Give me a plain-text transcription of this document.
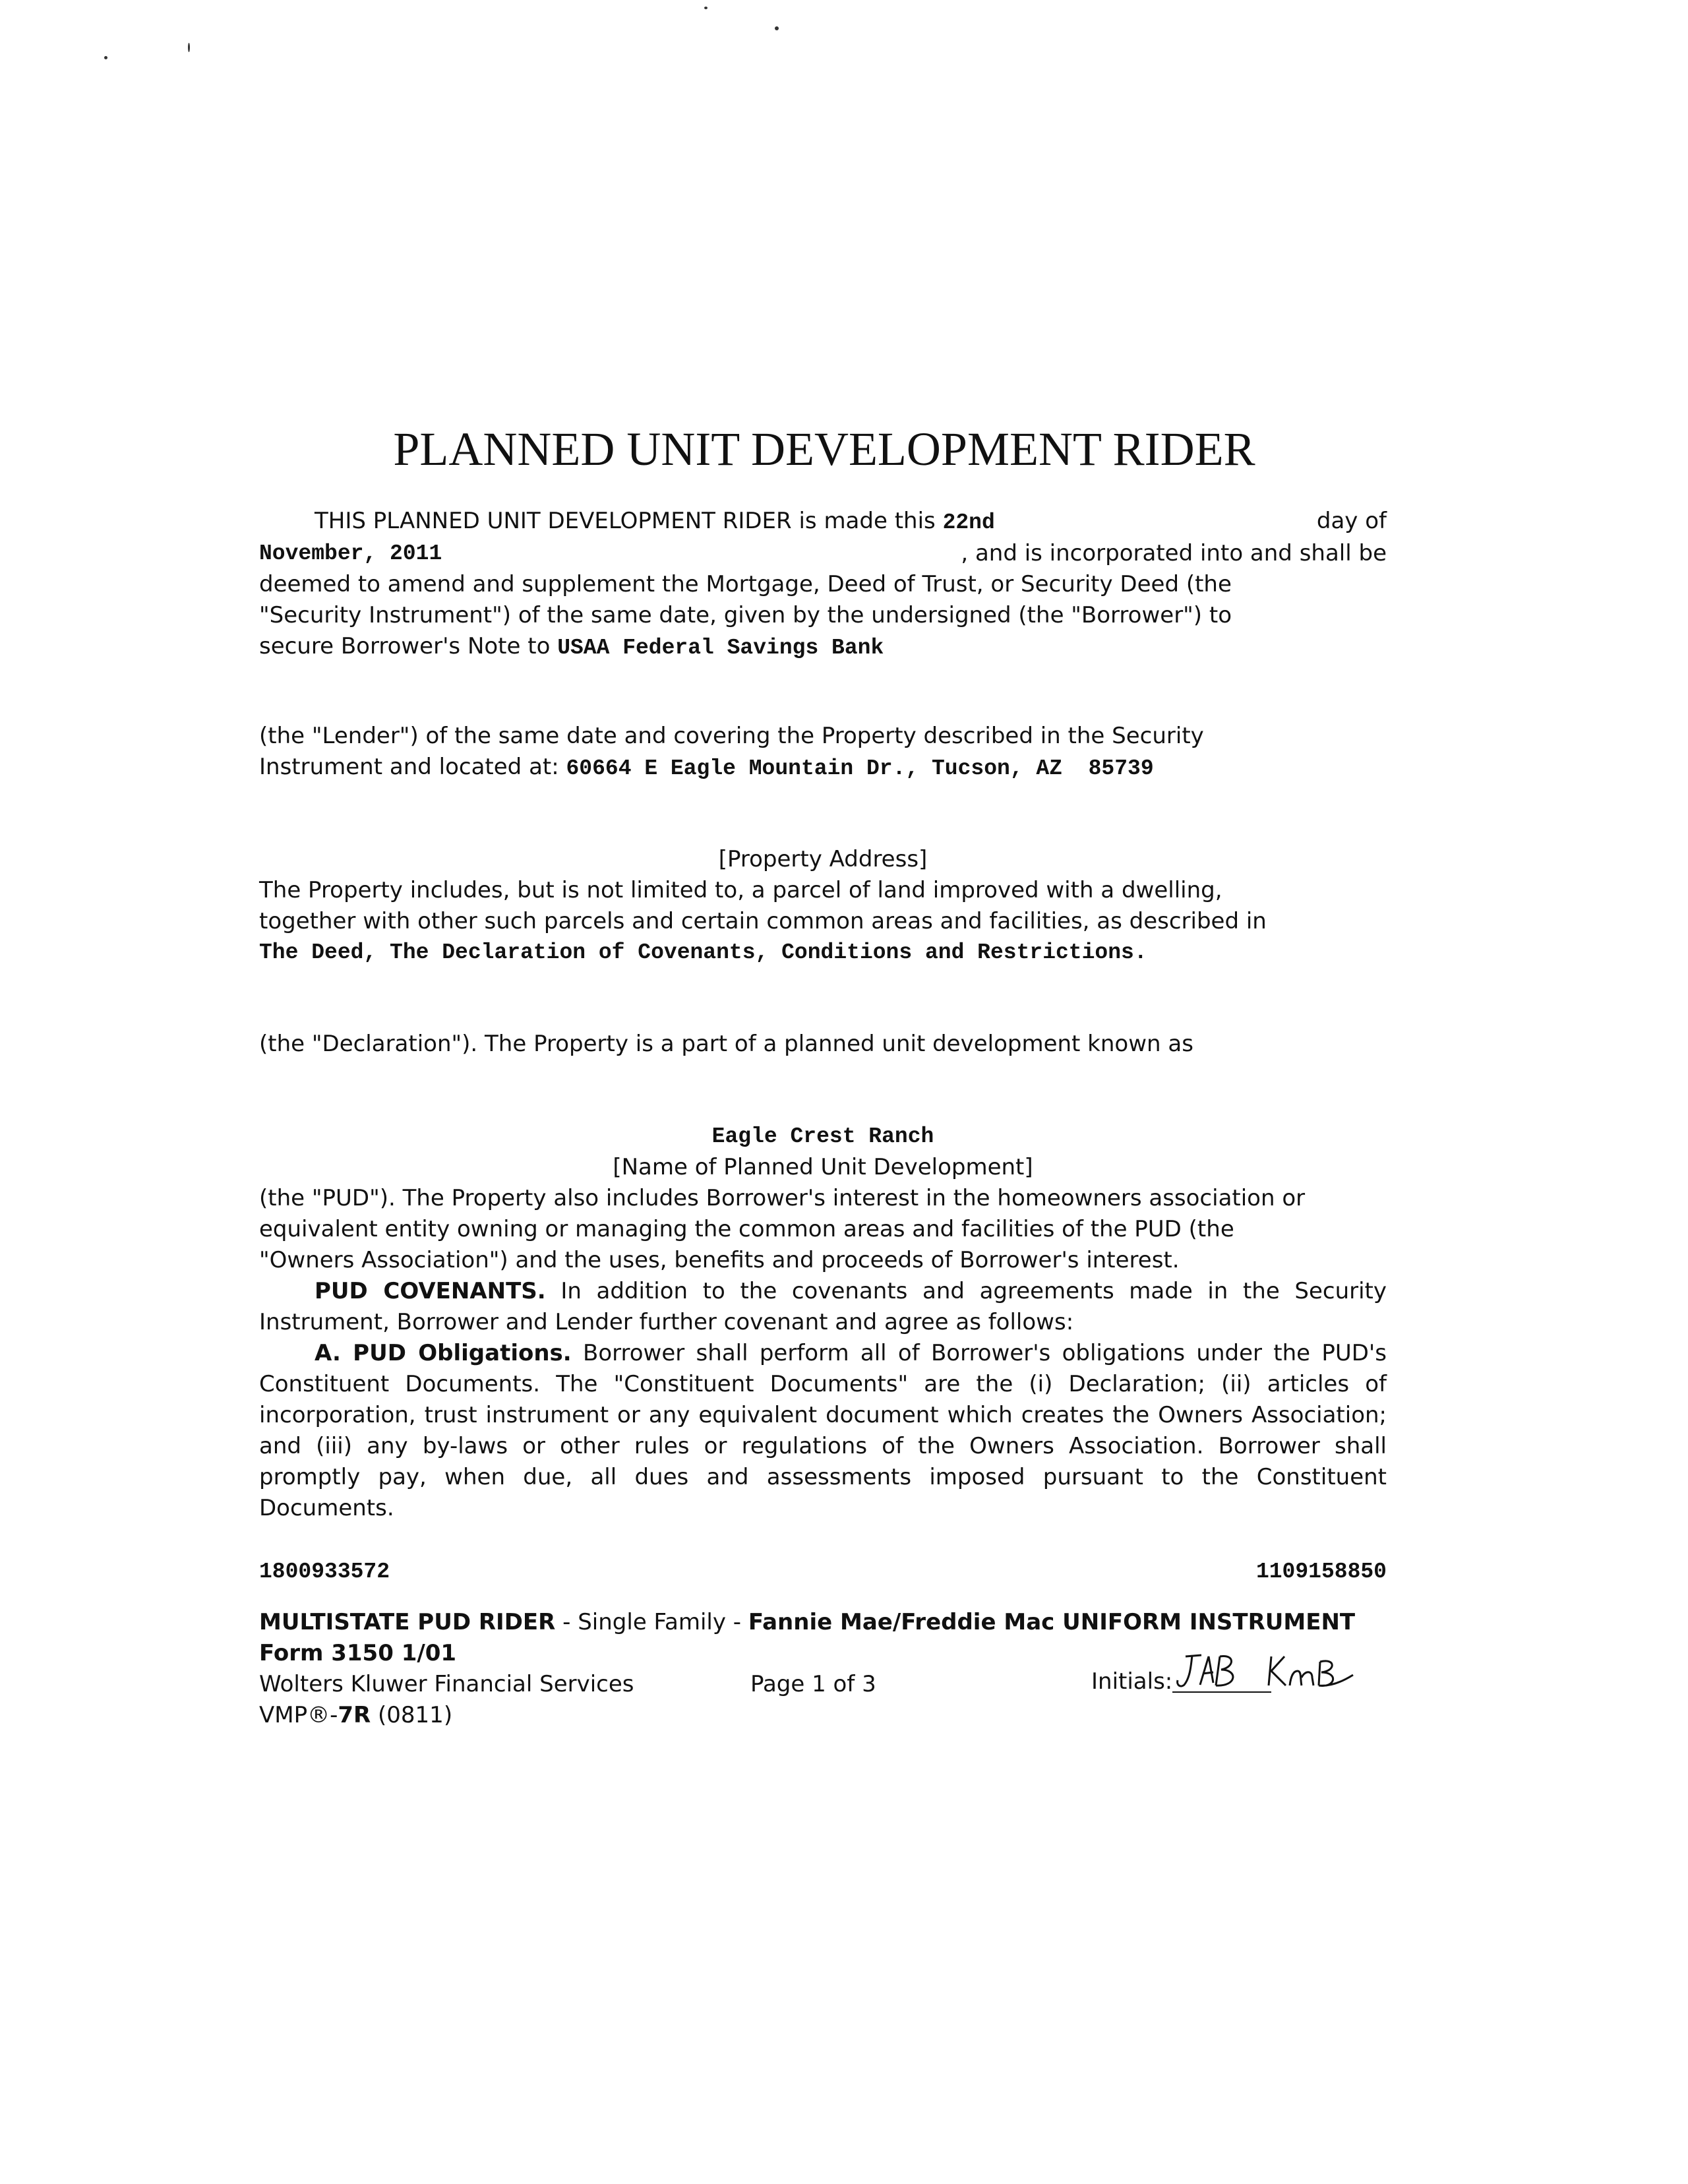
PLANNED UNIT DEVELOPMENT RIDER
THIS PLANNED UNIT DEVELOPMENT RIDER is made this 22nd	day of
November, 2011	, and is incorporated into and shall be
deemed to amend and supplement the Mortgage, Deed of Trust, or Security Deed (the
"Security Instrument") of the same date, given by the undersigned (the "Borrower") to
secure Borrower's Note to USAA Federal Savings Bank
(the "Lender") of the same date and covering the Property described in the Security
Instrument and located at: 60664 E Eagle Mountain Dr., Tucson, AZ  85739
[Property Address]
The Property includes, but is not limited to, a parcel of land improved with a dwelling,
together with other such parcels and certain common areas and facilities, as described in
The Deed, The Declaration of Covenants, Conditions and Restrictions.
(the "Declaration"). The Property is a part of a planned unit development known as
Eagle Crest Ranch
[Name of Planned Unit Development]
(the "PUD"). The Property also includes Borrower's interest in the homeowners association or
equivalent entity owning or managing the common areas and facilities of the PUD (the
"Owners Association") and the uses, benefits and proceeds of Borrower's interest.
PUD COVENANTS. In addition to the covenants and agreements made in the Security Instrument, Borrower and Lender further covenant and agree as follows:
A. PUD Obligations. Borrower shall perform all of Borrower's obligations under the PUD's Constituent Documents. The "Constituent Documents" are the (i) Declaration; (ii) articles of incorporation, trust instrument or any equivalent document which creates the Owners Association; and (iii) any by-laws or other rules or regulations of the Owners Association. Borrower shall promptly pay, when due, all dues and assessments imposed pursuant to the Constituent Documents.
1800933572	1109158850
MULTISTATE PUD RIDER - Single Family - Fannie Mae/Freddie Mac UNIFORM INSTRUMENT
Form 3150 1/01
Wolters Kluwer Financial Services	Page 1 of 3
VMP®-7R (0811)
Initials:
